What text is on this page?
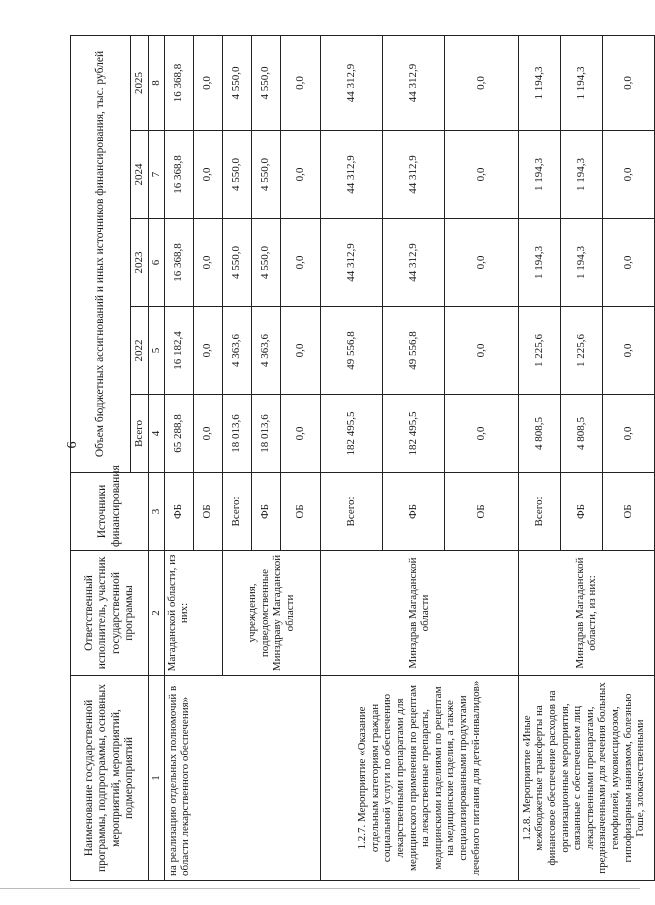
6
Наименование государственной программы, подпрограммы, основных мероприятий, мероприятий, подмероприятий	Ответственный исполнитель, участник государственной программы	Источники финансирования	Объем бюджетных ассигнований и иных источников финансирования, тыс. рублей				
			Всего	2022	2023	2024	2025
1	2	3	4	5	6	7	8
на реализацию отдельных полномочий в области лекарственного обеспечения»	Магаданской области, из них:	ФБ	65 288,8	16 182,4	16 368,8	16 368,8	16 368,8
		ОБ	0,0	0,0	0,0	0,0	0,0
	учреждения, подведомственные Минздраву Магаданской области	Всего:	18 013,6	4 363,6	4 550,0	4 550,0	4 550,0
		ФБ	18 013,6	4 363,6	4 550,0	4 550,0	4 550,0
		ОБ	0,0	0,0	0,0	0,0	0,0
1.2.7. Мероприятие «Оказание отдельным категориям граждан социальной услуги по обеспечению лекарственными препаратами для медицинского применения по рецептам на лекарственные препараты, медицинскими изделиями по рецептам на медицинские изделия, а также специализированными продуктами лечебного питания для детей-инвалидов»	Минздрав Магаданской области	Всего:	182 495,5	49 556,8	44 312,9	44 312,9	44 312,9
		ФБ	182 495,5	49 556,8	44 312,9	44 312,9	44 312,9
		ОБ	0,0	0,0	0,0	0,0	0,0
1.2.8. Мероприятие «Иные межбюджетные трансферты на финансовое обеспечение расходов на организационные мероприятия, связанные с обеспечением лиц лекарственными препаратами, предназначенными для лечения больных гемофилией, муковисцидозом, гипофизарным нанизмом, болезнью Гоше, злокачественными	Минздрав Магаданской области, из них:	Всего:	4 808,5	1 225,6	1 194,3	1 194,3	1 194,3
		ФБ	4 808,5	1 225,6	1 194,3	1 194,3	1 194,3
		ОБ	0,0	0,0	0,0	0,0	0,0
